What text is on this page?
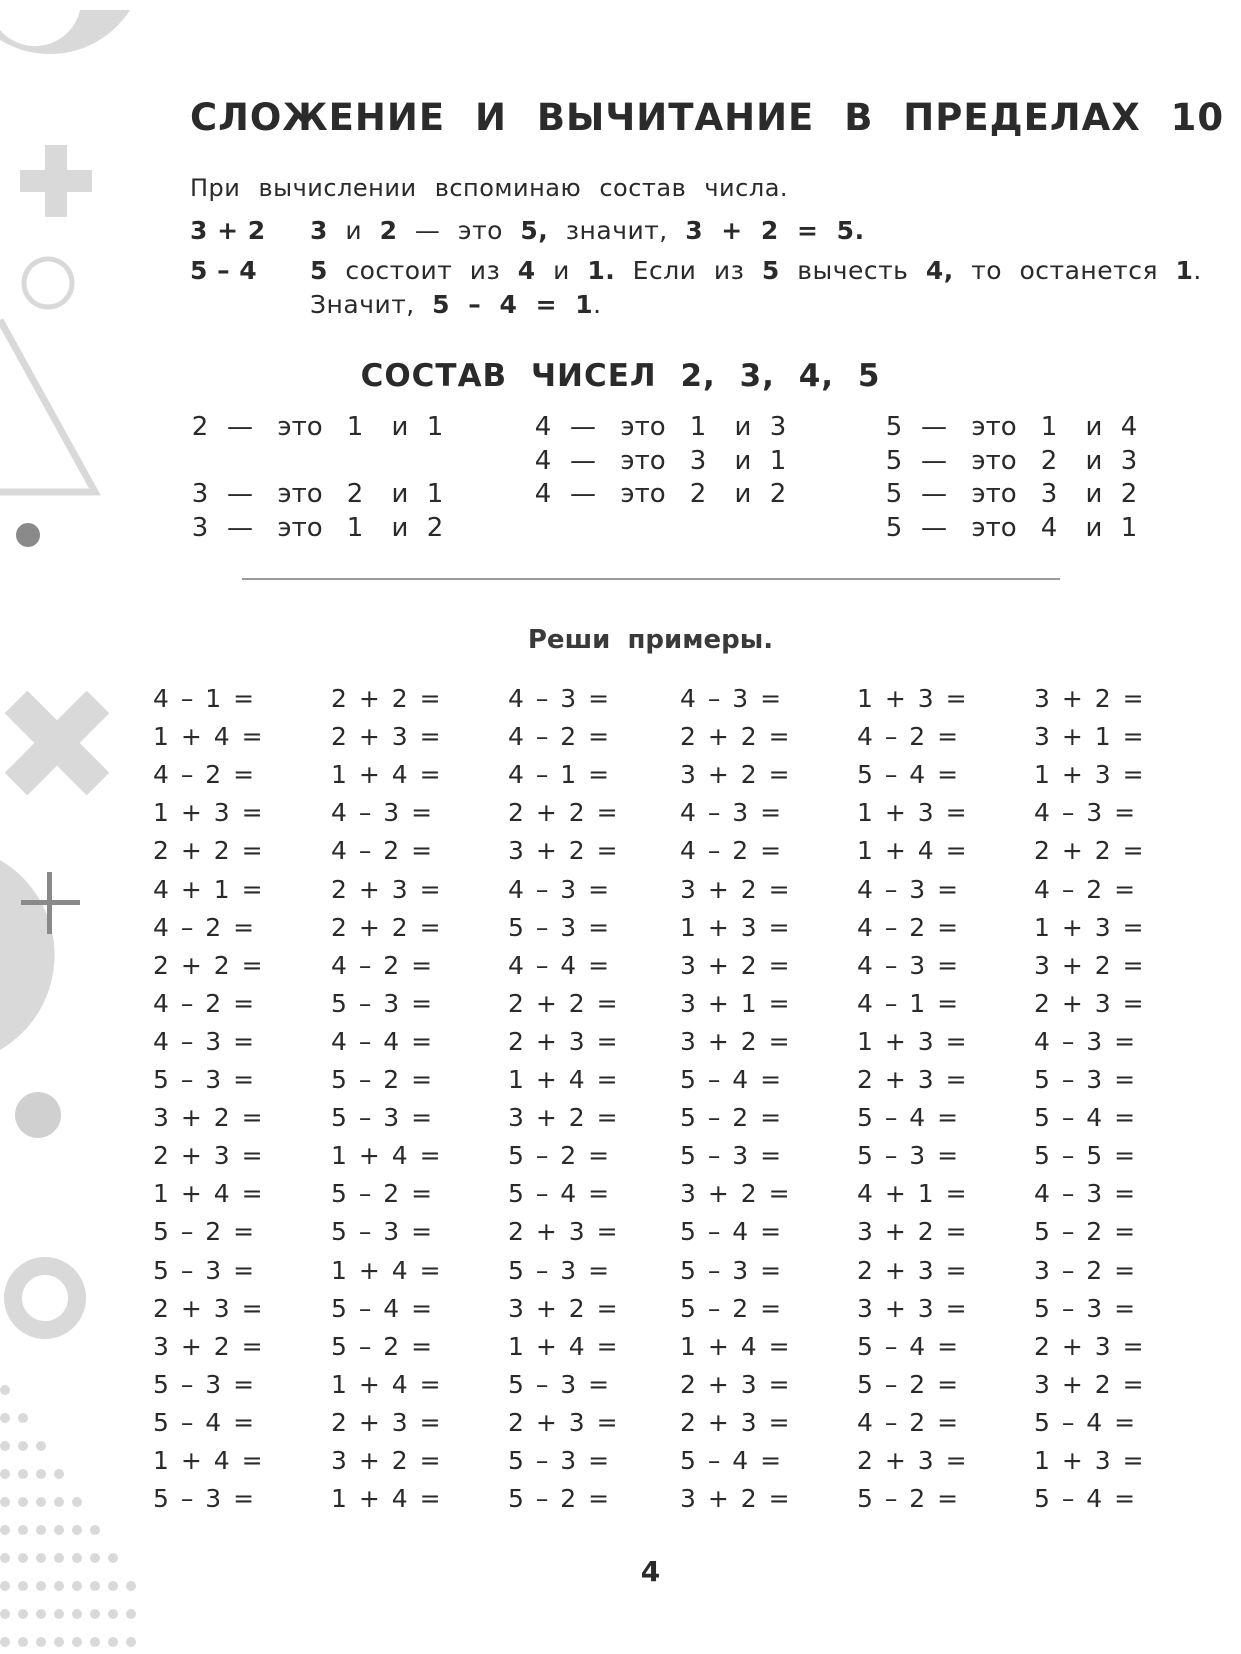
СЛОЖЕНИЕ И ВЫЧИТАНИЕ В ПРЕДЕЛАХ 10

При вычислении вспоминаю состав числа.

3 + 2 3 и 2 — это 5, значит, 3 + 2 = 5.
5 – 4 5 состоит из 4 и 1. Если из 5 вычесть 4, то останется 1.
Значит, 5 – 4 = 1.
СОСТАВ ЧИСЕЛ 2, 3, 4, 5
2 — это 1 и 1
3 — это 2 и 1
3 — это 1 и 2
4 — это 1 и 3
4 — это 3 и 1
4 — это 2 и 2
5 — это 1 и 4
5 — это 2 и 3
5 — это 3 и 2
5 — это 4 и 1
Реши примеры.
4 – 1 =	2 + 2 =	4 – 3 =	4 – 3 =	1 + 3 =	3 + 2 =
1 + 4 =	2 + 3 =	4 – 2 =	2 + 2 =	4 – 2 =	3 + 1 =
4 – 2 =	1 + 4 =	4 – 1 =	3 + 2 =	5 – 4 =	1 + 3 =
1 + 3 =	4 – 3 =	2 + 2 = 4 – 3 =	1 + 3 =	4 – 3 =
2 + 2 =	4 – 2 =	3 + 2 = 4 – 2 =	1 + 4 =	2 + 2 =
4 + 1 =	2 + 3 =	4 – 3 =	3 + 2 =	4 – 3 =	4 – 2 =
4 – 2 =	2 + 2 =	5 – 3 =	1 + 3 =	4 – 2 =	1 + 3 =
2 + 2 =	4 – 2 =	4 – 4 =	3 + 2 =	4 – 3 =	3 + 2 =
4 – 2 =	5 – 3 =	2 + 2 = 3 + 1 =	4 – 1 =	2 + 3 =
4 – 3 =	4 – 4 =	2 + 3 = 3 + 2 =	1 + 3 =	4 – 3 =
5 – 3 =	5 – 2 =	1 + 4 = 5 – 4 =	2 + 3 =	5 – 3 =
3 + 2 =	5 – 3 =	3 + 2 = 5 – 2 =	5 – 4 =	5 – 4 =
2 + 3 =	1 + 4 =	5 – 2 =	5 – 3 =	5 – 3 =	5 – 5 =
1 + 4 =	5 – 2 =	5 – 4 =	3 + 2 =	4 + 1 =	4 – 3 =
5 – 2 =	5 – 3 =	2 + 3 = 5 – 4 =	3 + 2 =	5 – 2 =
5 – 3 =	1 + 4 =	5 – 3 =	5 – 3 =	2 + 3 =	3 – 2 =
2 + 3 =	5 – 4 =	3 + 2 = 5 – 2 =	3 + 3 =	5 – 3 =
3 + 2 =	5 – 2 =	1 + 4 = 1 + 4 =	5 – 4 =	2 + 3 =
5 – 3 =	1 + 4 =	5 – 3 =	2 + 3 =	5 – 2 =	3 + 2 =
5 – 4 =	2 + 3 =	2 + 3 = 2 + 3 =	4 – 2 =	5 – 4 =
1 + 4 =	3 + 2 =	5 – 3 =	5 – 4 =	2 + 3 =	1 + 3 =
5 – 3 =	1 + 4 =	5 – 2 =	3 + 2 =	5 – 2 =	5 – 4 =
4
